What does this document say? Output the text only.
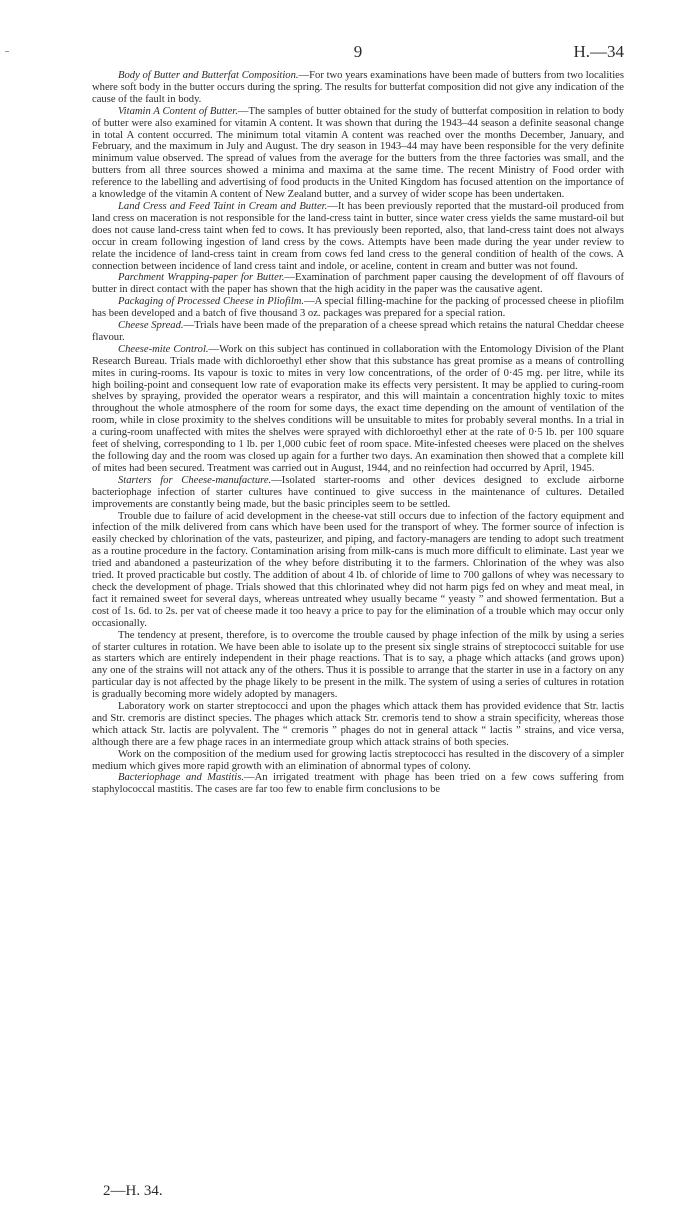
9	H.—34

Body of Butter and Butterfat Composition.—For two years examinations have been made of butters from two localities where soft body in the butter occurs during the spring. The results for butterfat composition did not give any indication of the cause of the fault in body.

Vitamin A Content of Butter.—The samples of butter obtained for the study of butterfat composition in relation to body of butter were also examined for vitamin A content. It was shown that during the 1943–44 season a definite seasonal change in total A content occurred. The minimum total vitamin A content was reached over the months December, January, and February, and the maximum in July and August. The dry season in 1943–44 may have been responsible for the very definite minimum value observed. The spread of values from the average for the butters from the three factories was small, and the butters from all three sources showed a minima and maxima at the same time. The recent Ministry of Food order with reference to the labelling and advertising of food products in the United Kingdom has focused attention on the importance of a knowledge of the vitamin A content of New Zealand butter, and a survey of wider scope has been undertaken.

Land Cress and Feed Taint in Cream and Butter.—It has been previously reported that the mustard-oil produced from land cress on maceration is not responsible for the land-cress taint in butter, since water cress yields the same mustard-oil but does not cause land-cress taint when fed to cows. It has previously been reported, also, that land-cress taint does not always occur in cream following ingestion of land cress by the cows. Attempts have been made during the year under review to relate the incidence of land-cress taint in cream from cows fed land cress to the general condition of health of the cows. A connection between incidence of land cress taint and indole, or aceline, content in cream and butter was not found.

Parchment Wrapping-paper for Butter.—Examination of parchment paper causing the development of off flavours of butter in direct contact with the paper has shown that the high acidity in the paper was the causative agent.

Packaging of Processed Cheese in Pliofilm.—A special filling-machine for the packing of processed cheese in pliofilm has been developed and a batch of five thousand 3 oz. packages was prepared for a special ration.

Cheese Spread.—Trials have been made of the preparation of a cheese spread which retains the natural Cheddar cheese flavour.

Cheese-mite Control.—Work on this subject has continued in collaboration with the Entomology Division of the Plant Research Bureau. Trials made with dichloroethyl ether show that this substance has great promise as a means of controlling mites in curing-rooms. Its vapour is toxic to mites in very low concentrations, of the order of 0·45 mg. per litre, while its high boiling-point and consequent low rate of evaporation make its effects very persistent. It may be applied to curing-room shelves by spraying, provided the operator wears a respirator, and this will maintain a concentration highly toxic to mites throughout the whole atmosphere of the room for some days, the exact time depending on the amount of ventilation of the room, while in close proximity to the shelves conditions will be unsuitable to mites for probably several months. In a trial in a curing-room unaffected with mites the shelves were sprayed with dichloroethyl ether at the rate of 0·5 lb. per 100 square feet of shelving, corresponding to 1 lb. per 1,000 cubic feet of room space. Mite-infested cheeses were placed on the shelves the following day and the room was closed up again for a further two days. An examination then showed that a complete kill of mites had been secured. Treatment was carried out in August, 1944, and no reinfection had occurred by April, 1945.

Starters for Cheese-manufacture.—Isolated starter-rooms and other devices designed to exclude airborne bacteriophage infection of starter cultures have continued to give success in the maintenance of cultures. Detailed improvements are constantly being made, but the basic principles seem to be settled.

Trouble due to failure of acid development in the cheese-vat still occurs due to infection of the factory equipment and infection of the milk delivered from cans which have been used for the transport of whey. The former source of infection is easily checked by chlorination of the vats, pasteurizer, and piping, and factory-managers are tending to adopt such treatment as a routine procedure in the factory. Contamination arising from milk-cans is much more difficult to eliminate. Last year we tried and abandoned a pasteurization of the whey before distributing it to the farmers. Chlorination of the whey was also tried. It proved practicable but costly. The addition of about 4 lb. of chloride of lime to 700 gallons of whey was necessary to check the development of phage. Trials showed that this chlorinated whey did not harm pigs fed on whey and meat meal, in fact it remained sweet for several days, whereas untreated whey usually became “ yeasty ” and showed fermentation. But a cost of 1s. 6d. to 2s. per vat of cheese made it too heavy a price to pay for the elimination of a trouble which may occur only occasionally.

The tendency at present, therefore, is to overcome the trouble caused by phage infection of the milk by using a series of starter cultures in rotation. We have been able to isolate up to the present six single strains of streptococci suitable for use as starters which are entirely independent in their phage reactions. That is to say, a phage which attacks (and grows upon) any one of the strains will not attack any of the others. Thus it is possible to arrange that the starter in use in a factory on any particular day is not affected by the phage likely to be present in the milk. The system of using a series of cultures in rotation is gradually becoming more widely adopted by managers.

Laboratory work on starter streptococci and upon the phages which attack them has provided evidence that Str. lactis and Str. cremoris are distinct species. The phages which attack Str. cremoris tend to show a strain specificity, whereas those which attack Str. lactis are polyvalent. The “ cremoris ” phages do not in general attack “ lactis ” strains, and vice versa, although there are a few phage races in an intermediate group which attack strains of both species.

Work on the composition of the medium used for growing lactis streptococci has resulted in the discovery of a simpler medium which gives more rapid growth with an elimination of abnormal types of colony.

Bacteriophage and Mastitis.—An irrigated treatment with phage has been tried on a few cows suffering from staphylococcal mastitis. The cases are far too few to enable firm conclusions to be

2—H. 34.
